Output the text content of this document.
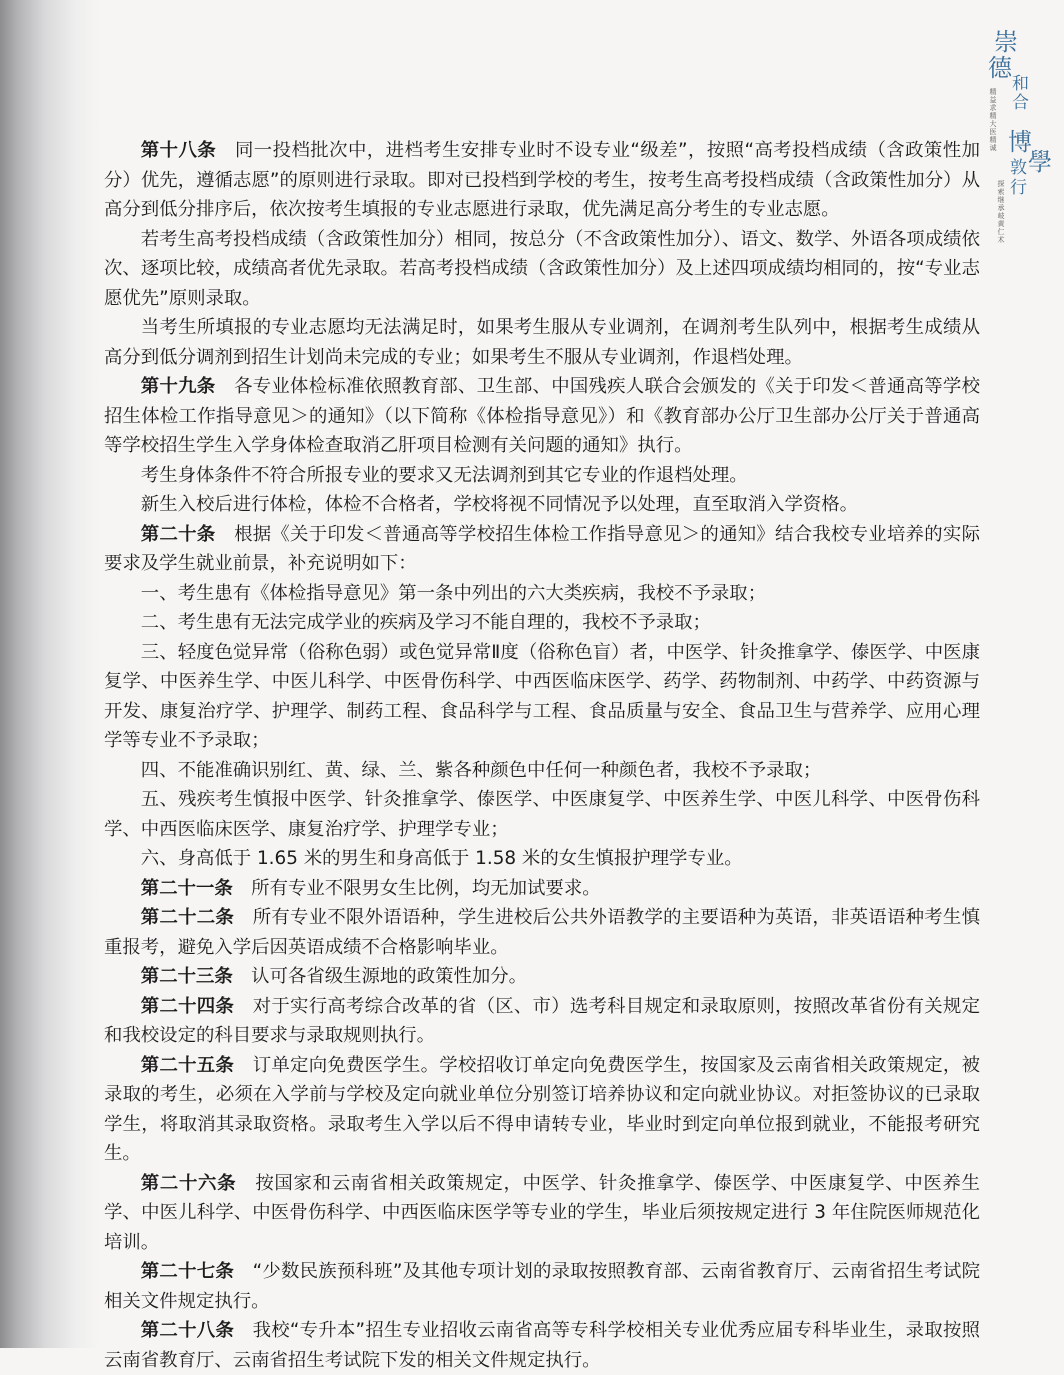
崇
德
和
合
精益求精大医精诚 博
學
敦
行
探索继承岐黄仁术

第十八条　 同一投档批次中，进档考生安排专业时不设专业“级差”，按照“高考投档成绩（含政策性加分）优先，遵循志愿”的原则进行录取。即对已投档到学校的考生，按考生高考投档成绩（含政策性加分）从高分到低分排序后，依次按考生填报的专业志愿进行录取，优先满足高分考生的专业志愿。

若考生高考投档成绩（含政策性加分）相同，按总分（不含政策性加分）、语文、数学、外语各项成绩依次、逐项比较，成绩高者优先录取。若高考投档成绩（含政策性加分）及上述四项成绩均相同的，按“专业志愿优先”原则录取。

当考生所填报的专业志愿均无法满足时，如果考生服从专业调剂，在调剂考生队列中，根据考生成绩从高分到低分调剂到招生计划尚未完成的专业；如果考生不服从专业调剂，作退档处理。

第十九条　 各专业体检标准依照教育部、卫生部、中国残疾人联合会颁发的《关于印发＜普通高等学校招生体检工作指导意见＞的通知》（以下简称《体检指导意见》）和《教育部办公厅卫生部办公厅关于普通高等学校招生学生入学身体检查取消乙肝项目检测有关问题的通知》执行。

考生身体条件不符合所报专业的要求又无法调剂到其它专业的作退档处理。

新生入校后进行体检，体检不合格者，学校将视不同情况予以处理，直至取消入学资格。

第二十条　 根据《关于印发＜普通高等学校招生体检工作指导意见＞的通知》结合我校专业培养的实际要求及学生就业前景，补充说明如下：

一、考生患有《体检指导意见》第一条中列出的六大类疾病，我校不予录取；

二、考生患有无法完成学业的疾病及学习不能自理的，我校不予录取；

三、轻度色觉异常（俗称色弱）或色觉异常Ⅱ度（俗称色盲）者，中医学、针灸推拿学、傣医学、中医康复学、中医养生学、中医儿科学、中医骨伤科学、中西医临床医学、药学、药物制剂、中药学、中药资源与开发、康复治疗学、护理学、制药工程、食品科学与工程、食品质量与安全、食品卫生与营养学、应用心理学等专业不予录取；

四、不能准确识别红、黄、绿、兰、紫各种颜色中任何一种颜色者，我校不予录取；

五、残疾考生慎报中医学、针灸推拿学、傣医学、中医康复学、中医养生学、中医儿科学、中医骨伤科学、中西医临床医学、康复治疗学、护理学专业；

六、身高低于 1.65 米的男生和身高低于 1.58 米的女生慎报护理学专业。

第二十一条　 所有专业不限男女生比例，均无加试要求。

第二十二条　 所有专业不限外语语种，学生进校后公共外语教学的主要语种为英语，非英语语种考生慎重报考，避免入学后因英语成绩不合格影响毕业。

第二十三条　 认可各省级生源地的政策性加分。

第二十四条　 对于实行高考综合改革的省（区、市）选考科目规定和录取原则，按照改革省份有关规定和我校设定的科目要求与录取规则执行。

第二十五条　 订单定向免费医学生。学校招收订单定向免费医学生，按国家及云南省相关政策规定，被录取的考生，必须在入学前与学校及定向就业单位分别签订培养协议和定向就业协议。对拒签协议的已录取学生，将取消其录取资格。录取考生入学以后不得申请转专业，毕业时到定向单位报到就业，不能报考研究生。

第二十六条　 按国家和云南省相关政策规定，中医学、针灸推拿学、傣医学、中医康复学、中医养生学、中医儿科学、中医骨伤科学、中西医临床医学等专业的学生，毕业后须按规定进行 3 年住院医师规范化培训。

第二十七条　 “少数民族预科班”及其他专项计划的录取按照教育部、云南省教育厅、云南省招生考试院相关文件规定执行。

第二十八条　 我校“专升本”招生专业招收云南省高等专科学校相关专业优秀应届专科毕业生，录取按照云南省教育厅、云南省招生考试院下发的相关文件规定执行。
